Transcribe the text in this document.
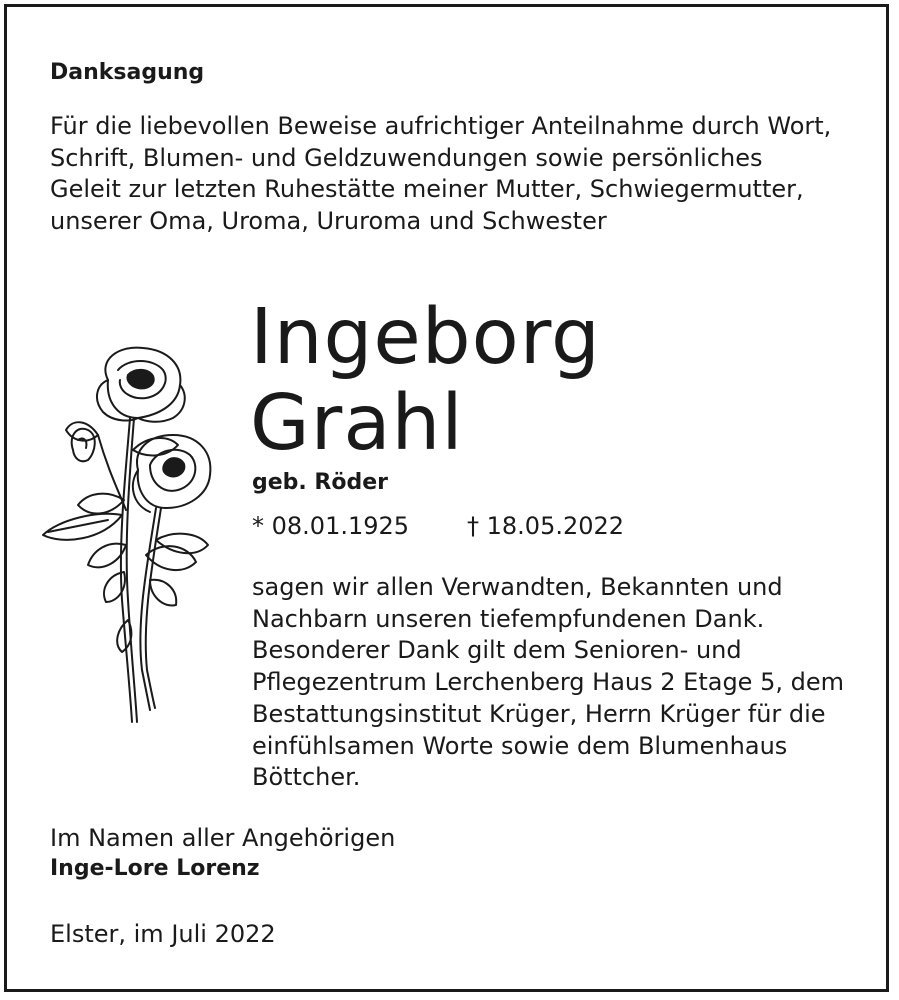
Danksagung

Für die liebevollen Beweise aufrichtiger Anteilnahme durch Wort, Schrift, Blumen- und Geldzuwendungen sowie persönliches Geleit zur letzten Ruhestätte meiner Mutter, Schwiegermutter, unserer Oma, Uroma, Ururoma und Schwester

Ingeborg
Grahl
geb. Röder
* 08.01.1925 † 18.05.2022

sagen wir allen Verwandten, Bekannten und Nachbarn unseren tiefempfundenen Dank. Besonderer Dank gilt dem Senioren- und Pflegezentrum Lerchenberg Haus 2 Etage 5, dem Bestattungsinstitut Krüger, Herrn Krüger für die einfühlsamen Worte sowie dem Blumenhaus Böttcher.

Im Namen aller Angehörigen
Inge-Lore Lorenz
Elster, im Juli 2022
